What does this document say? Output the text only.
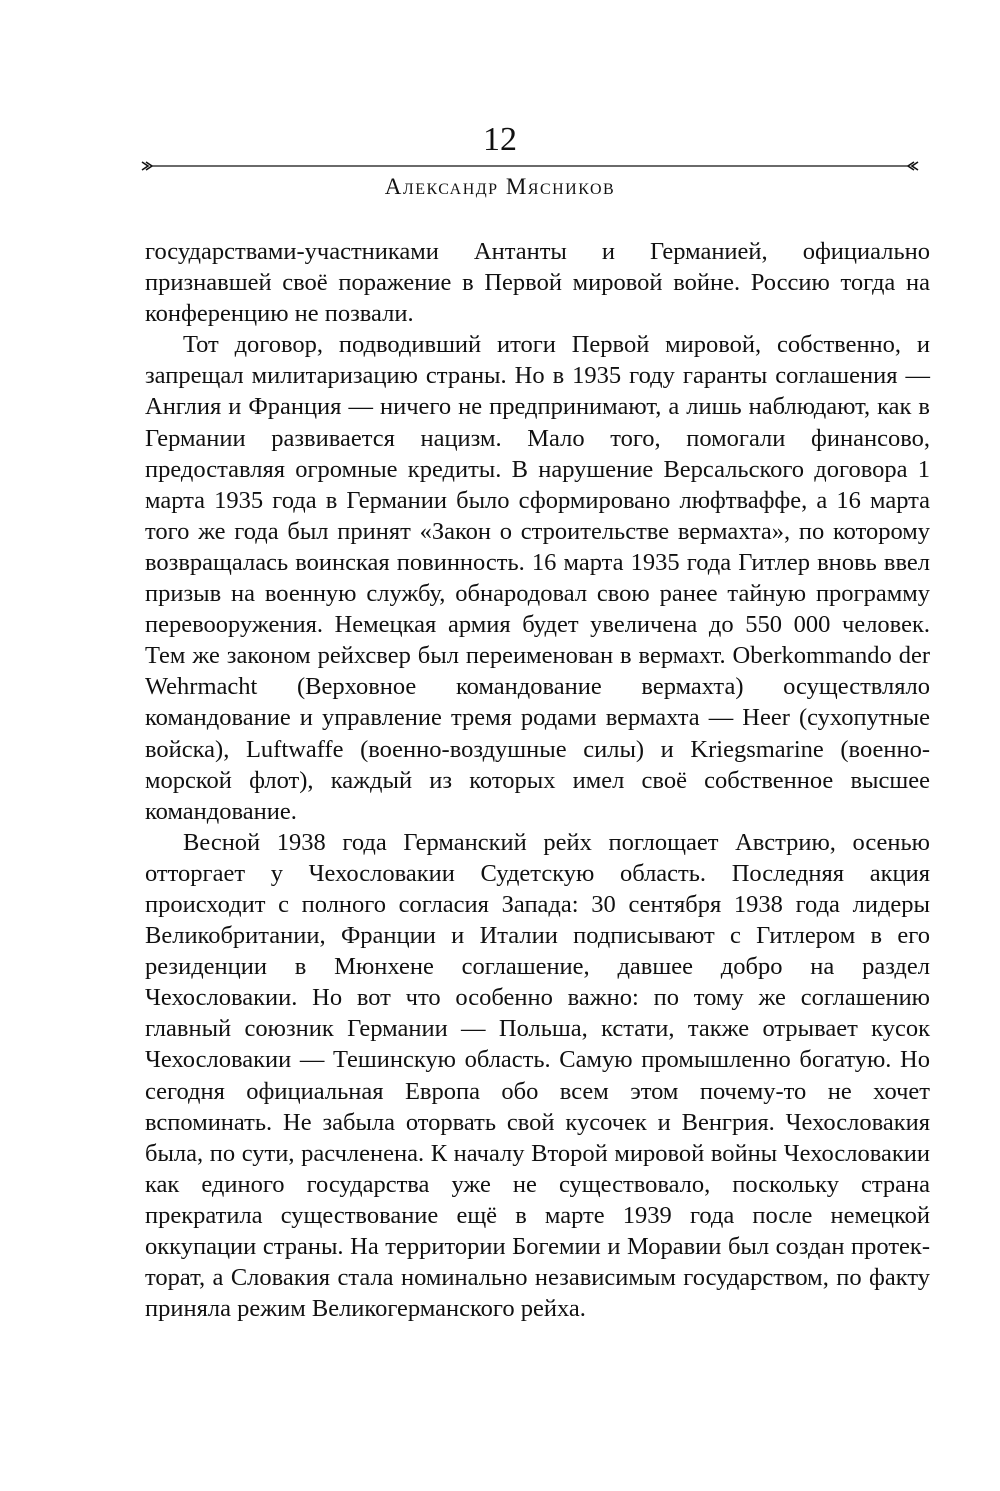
12
Александр Мясников

государствами-участниками Антанты и Германией, официально признавшей своё поражение в Первой мировой войне. Россию тогда на конференцию не позвали.

Тот договор, подводивший итоги Первой мировой, собственно, и запрещал милитаризацию страны. Но в 1935 году гаранты соглашения — Англия и Франция — ничего не предпринимают, а лишь наблюдают, как в Германии развивается нацизм. Мало того, помогали финансово, предоставляя огромные кредиты. В нарушение Версальского договора 1 марта 1935 года в Германии было сформировано люфтваффе, а 16 марта того же года был принят «Закон о строительстве вермахта», по которому возвращалась воинская повинность. 16 марта 1935 года Гитлер вновь ввел призыв на военную службу, обнародовал свою ранее тайную программу перевооружения. Немецкая армия будет увеличена до 550 000 человек. Тем же законом рейхсвер был переименован в вермахт. Oberkommando der Wehrmacht (Верховное командование вермахта) осуществляло командование и управление тремя родами вермахта — Heer (сухопутные войска), Luftwaffe (военно-воздушные силы) и Kriegsmarine (военно-морской флот), каждый из которых имел своё собственное высшее командование.

Весной 1938 года Германский рейх поглощает Австрию, осенью отторгает у Чехословакии Судетскую область. Последняя акция происходит с полного согласия Запада: 30 сентября 1938 года лидеры Великобритании, Франции и Италии подписывают с Гитлером в его резиденции в Мюнхене соглашение, давшее добро на раздел Чехословакии. Но вот что особенно важно: по тому же соглашению главный союзник Германии — Польша, кстати, также отрывает кусок Чехословакии — Тешинскую область. Самую промышленно богатую. Но сегодня официальная Европа обо всем этом почему-то не хочет вспоминать. Не забыла оторвать свой кусочек и Венгрия. Чехословакия была, по сути, расчленена. К началу Второй мировой войны Чехословакии как единого государства уже не существовало, поскольку страна прекратила существование ещё в марте 1939 года после немецкой оккупации страны. На территории Богемии и Моравии был создан протекторат, а Словакия стала номинально независимым государством, по факту приняла режим Великогерманского рейха.
